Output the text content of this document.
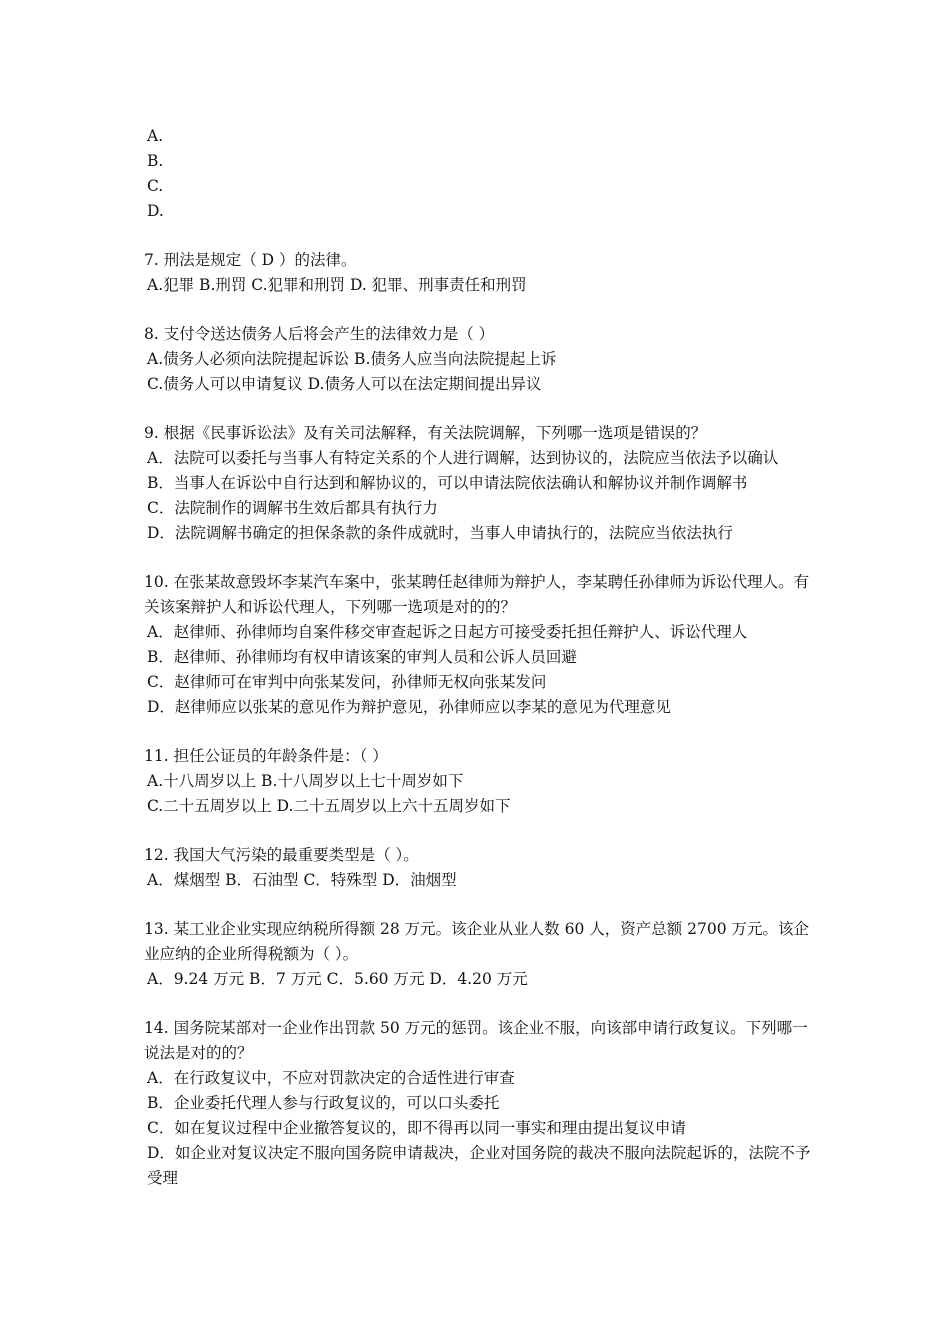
A.
B.
C.
D.
7. 刑法是规定（ D ）的法律。
A.犯罪 B.刑罚 C.犯罪和刑罚 D. 犯罪、刑事责任和刑罚
8. 支付令送达债务人后将会产生的法律效力是（ ）
A.债务人必须向法院提起诉讼 B.债务人应当向法院提起上诉
C.债务人可以申请复议 D.债务人可以在法定期间提出异议
9. 根据《民事诉讼法》及有关司法解释，有关法院调解，下列哪一选项是错误的？
A．法院可以委托与当事人有特定关系的个人进行调解，达到协议的，法院应当依法予以确认
B．当事人在诉讼中自行达到和解协议的，可以申请法院依法确认和解协议并制作调解书
C．法院制作的调解书生效后都具有执行力
D．法院调解书确定的担保条款的条件成就时，当事人申请执行的，法院应当依法执行
10. 在张某故意毁坏李某汽车案中，张某聘任赵律师为辩护人，李某聘任孙律师为诉讼代理人。有关该案辩护人和诉讼代理人，下列哪一选项是对的的？
A．赵律师、孙律师均自案件移交审查起诉之日起方可接受委托担任辩护人、诉讼代理人
B．赵律师、孙律师均有权申请该案的审判人员和公诉人员回避
C．赵律师可在审判中向张某发问，孙律师无权向张某发问
D．赵律师应以张某的意见作为辩护意见，孙律师应以李某的意见为代理意见
11. 担任公证员的年龄条件是：（ ）
A.十八周岁以上 B.十八周岁以上七十周岁如下
C.二十五周岁以上 D.二十五周岁以上六十五周岁如下
12. 我国大气污染的最重要类型是（ ）。
A．煤烟型 B．石油型 C．特殊型 D．油烟型
13. 某工业企业实现应纳税所得额 28 万元。该企业从业人数 60 人，资产总额 2700 万元。该企业应纳的企业所得税额为（ ）。
A．9.24 万元 B．7 万元 C．5.60 万元 D．4.20 万元
14. 国务院某部对一企业作出罚款 50 万元的惩罚。该企业不服，向该部申请行政复议。下列哪一说法是对的的？
A．在行政复议中，不应对罚款决定的合适性进行审查
B．企业委托代理人参与行政复议的，可以口头委托
C．如在复议过程中企业撤答复议的，即不得再以同一事实和理由提出复议申请
D．如企业对复议决定不服向国务院申请裁决，企业对国务院的裁决不服向法院起诉的，法院不予受理
